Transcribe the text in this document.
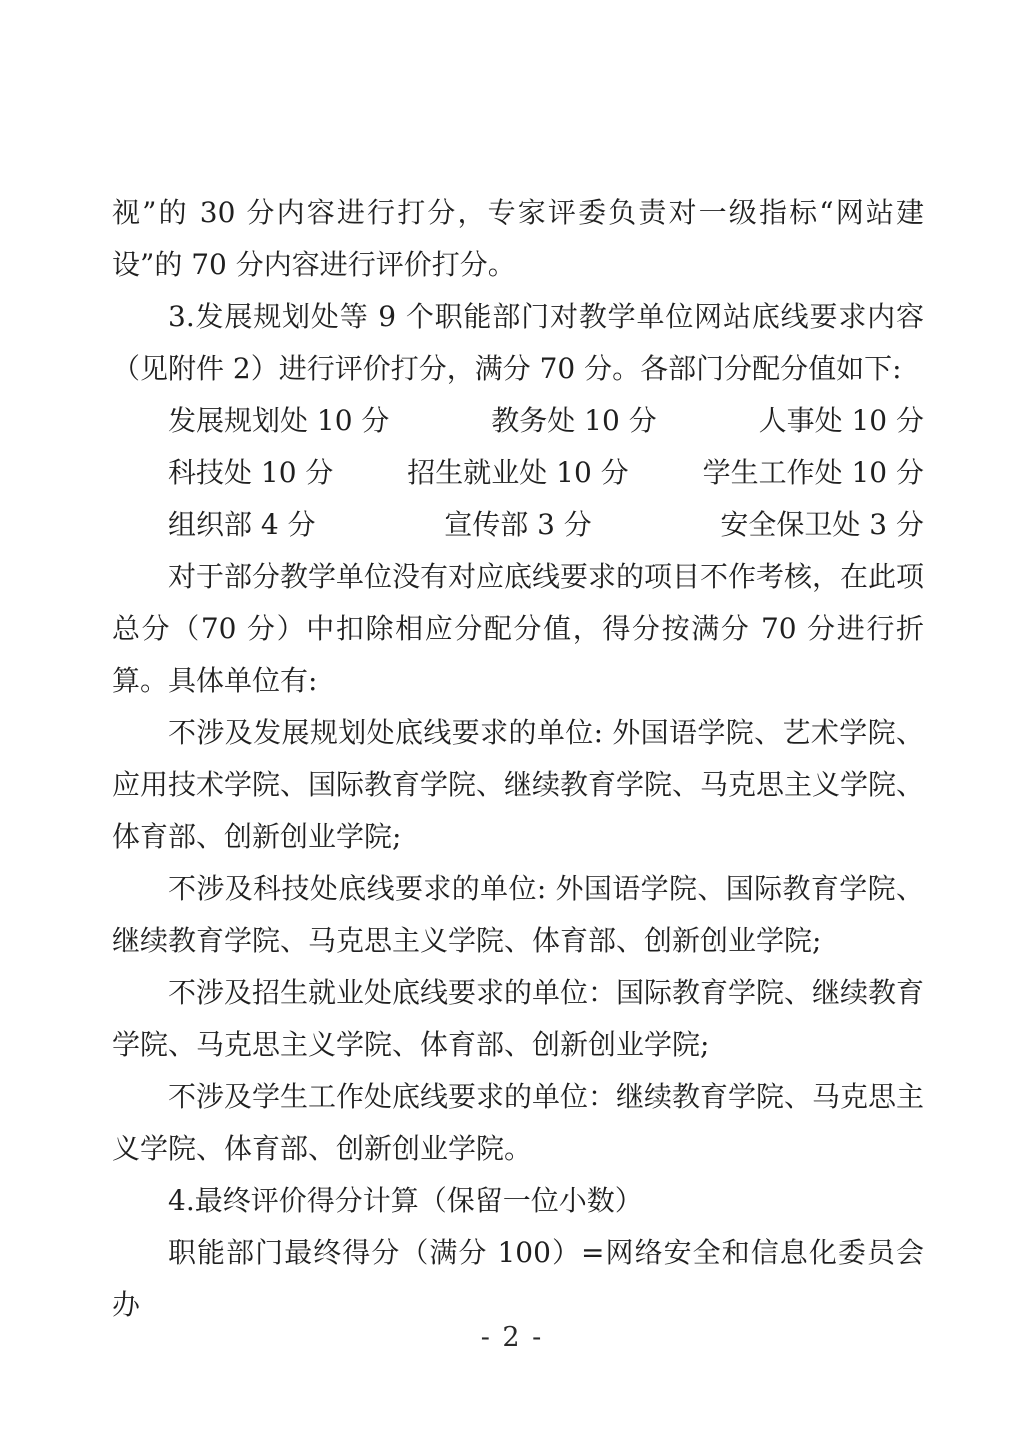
视”的 30 分内容进行打分，专家评委负责对一级指标“网站建设”的 70 分内容进行评价打分。

3.发展规划处等 9 个职能部门对教学单位网站底线要求内容（见附件 2）进行评价打分，满分 70 分。各部门分配分值如下:

发展规划处 10 分	教务处 10 分	人事处 10 分
科技处 10 分	招生就业处 10 分	学生工作处 10 分
组织部 4 分	宣传部 3 分	安全保卫处 3 分

对于部分教学单位没有对应底线要求的项目不作考核，在此项总分（70 分）中扣除相应分配分值，得分按满分 70 分进行折算。具体单位有:

不涉及发展规划处底线要求的单位: 外国语学院、艺术学院、应用技术学院、国际教育学院、继续教育学院、马克思主义学院、体育部、创新创业学院;

不涉及科技处底线要求的单位: 外国语学院、国际教育学院、继续教育学院、马克思主义学院、体育部、创新创业学院;

不涉及招生就业处底线要求的单位：国际教育学院、继续教育学院、马克思主义学院、体育部、创新创业学院;

不涉及学生工作处底线要求的单位：继续教育学院、马克思主义学院、体育部、创新创业学院。

4.最终评价得分计算（保留一位小数）

职能部门最终得分（满分 100）=网络安全和信息化委员会办

- 2 -
